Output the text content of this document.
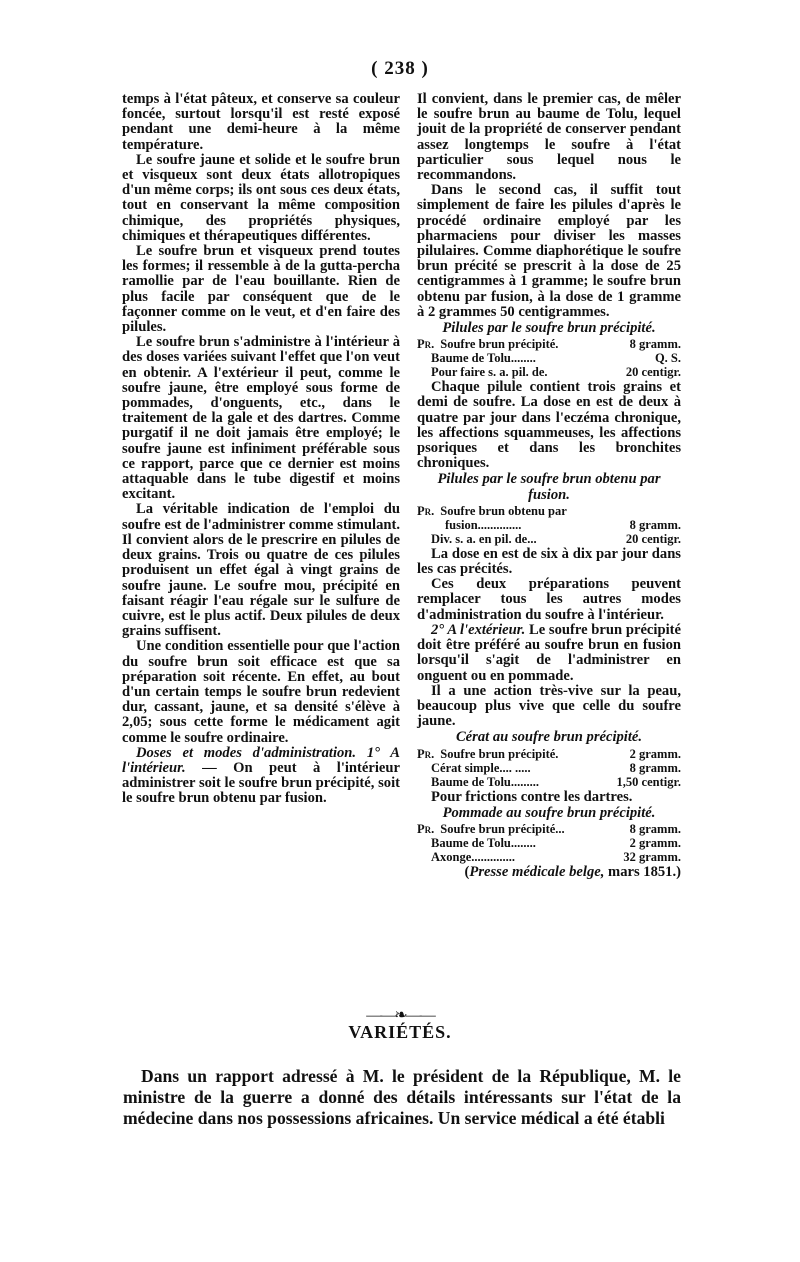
( 238 )

temps à l'état pâteux, et conserve sa couleur foncée, surtout lorsqu'il est resté exposé pendant une demi-heure à la même température.

Le soufre jaune et solide et le soufre brun et visqueux sont deux états allotropiques d'un même corps; ils ont sous ces deux états, tout en conservant la même composition chimique, des propriétés physiques, chimiques et thérapeutiques différentes.

Le soufre brun et visqueux prend toutes les formes; il ressemble à de la gutta-percha ramollie par de l'eau bouillante. Rien de plus facile par conséquent que de le façonner comme on le veut, et d'en faire des pilules.

Le soufre brun s'administre à l'intérieur à des doses variées suivant l'effet que l'on veut en obtenir. A l'extérieur il peut, comme le soufre jaune, être employé sous forme de pommades, d'onguents, etc., dans le traitement de la gale et des dartres. Comme purgatif il ne doit jamais être employé; le soufre jaune est infiniment préférable sous ce rapport, parce que ce dernier est moins attaquable dans le tube digestif et moins excitant.

La véritable indication de l'emploi du soufre est de l'administrer comme stimulant. Il convient alors de le prescrire en pilules de deux grains. Trois ou quatre de ces pilules produisent un effet égal à vingt grains de soufre jaune. Le soufre mou, précipité en faisant réagir l'eau régale sur le sulfure de cuivre, est le plus actif. Deux pilules de deux grains suffisent.

Une condition essentielle pour que l'action du soufre brun soit efficace est que sa préparation soit récente. En effet, au bout d'un certain temps le soufre brun redevient dur, cassant, jaune, et sa densité s'élève à 2,05; sous cette forme le médicament agit comme le soufre ordinaire.

Doses et modes d'administration. 1° A l'intérieur. — On peut à l'intérieur administrer soit le soufre brun précipité, soit le soufre brun obtenu par fusion.

Il convient, dans le premier cas, de mêler le soufre brun au baume de Tolu, lequel jouit de la propriété de conserver pendant assez longtemps le soufre à l'état particulier sous lequel nous le recommandons.

Dans le second cas, il suffit tout simplement de faire les pilules d'après le procédé ordinaire employé par les pharmaciens pour diviser les masses pilulaires. Comme diaphorétique le soufre brun précité se prescrit à la dose de 25 centigrammes à 1 gramme; le soufre brun obtenu par fusion, à la dose de 1 gramme à 2 grammes 50 centigrammes.

Pilules par le soufre brun précipité.

Pr. Soufre brun précipité.	8 gramm.
Baume de Tolu........	Q. S.
Pour faire s. a. pil. de.	20 centigr.

Chaque pilule contient trois grains et demi de soufre. La dose en est de deux à quatre par jour dans l'eczéma chronique, les affections squammeuses, les affections psoriques et dans les bronchites chroniques.

Pilules par le soufre brun obtenu par fusion.

Pr. Soufre brun obtenu par
fusion..............	8 gramm.
Div. s. a. en pil. de...	20 centigr.

La dose en est de six à dix par jour dans les cas précités.

Ces deux préparations peuvent remplacer tous les autres modes d'administration du soufre à l'intérieur.

2° A l'extérieur. Le soufre brun précipité doit être préféré au soufre brun en fusion lorsqu'il s'agit de l'administrer en onguent ou en pommade.

Il a une action très-vive sur la peau, beaucoup plus vive que celle du soufre jaune.

Cérat au soufre brun précipité.

Pr. Soufre brun précipité.	2 gramm.
Cérat simple.... .....	8 gramm.
Baume de Tolu.........	1,50 centigr.

Pour frictions contre les dartres.

Pommade au soufre brun précipité.

Pr. Soufre brun précipité...	8 gramm.
Baume de Tolu........	2 gramm.
Axonge..............	32 gramm.

(Presse médicale belge, mars 1851.)

——❧——
VARIÉTÉS.

Dans un rapport adressé à M. le président de la République, M. le ministre de la guerre a donné des détails intéressants sur l'état de la médecine dans nos possessions africaines. Un service médical a été établi
